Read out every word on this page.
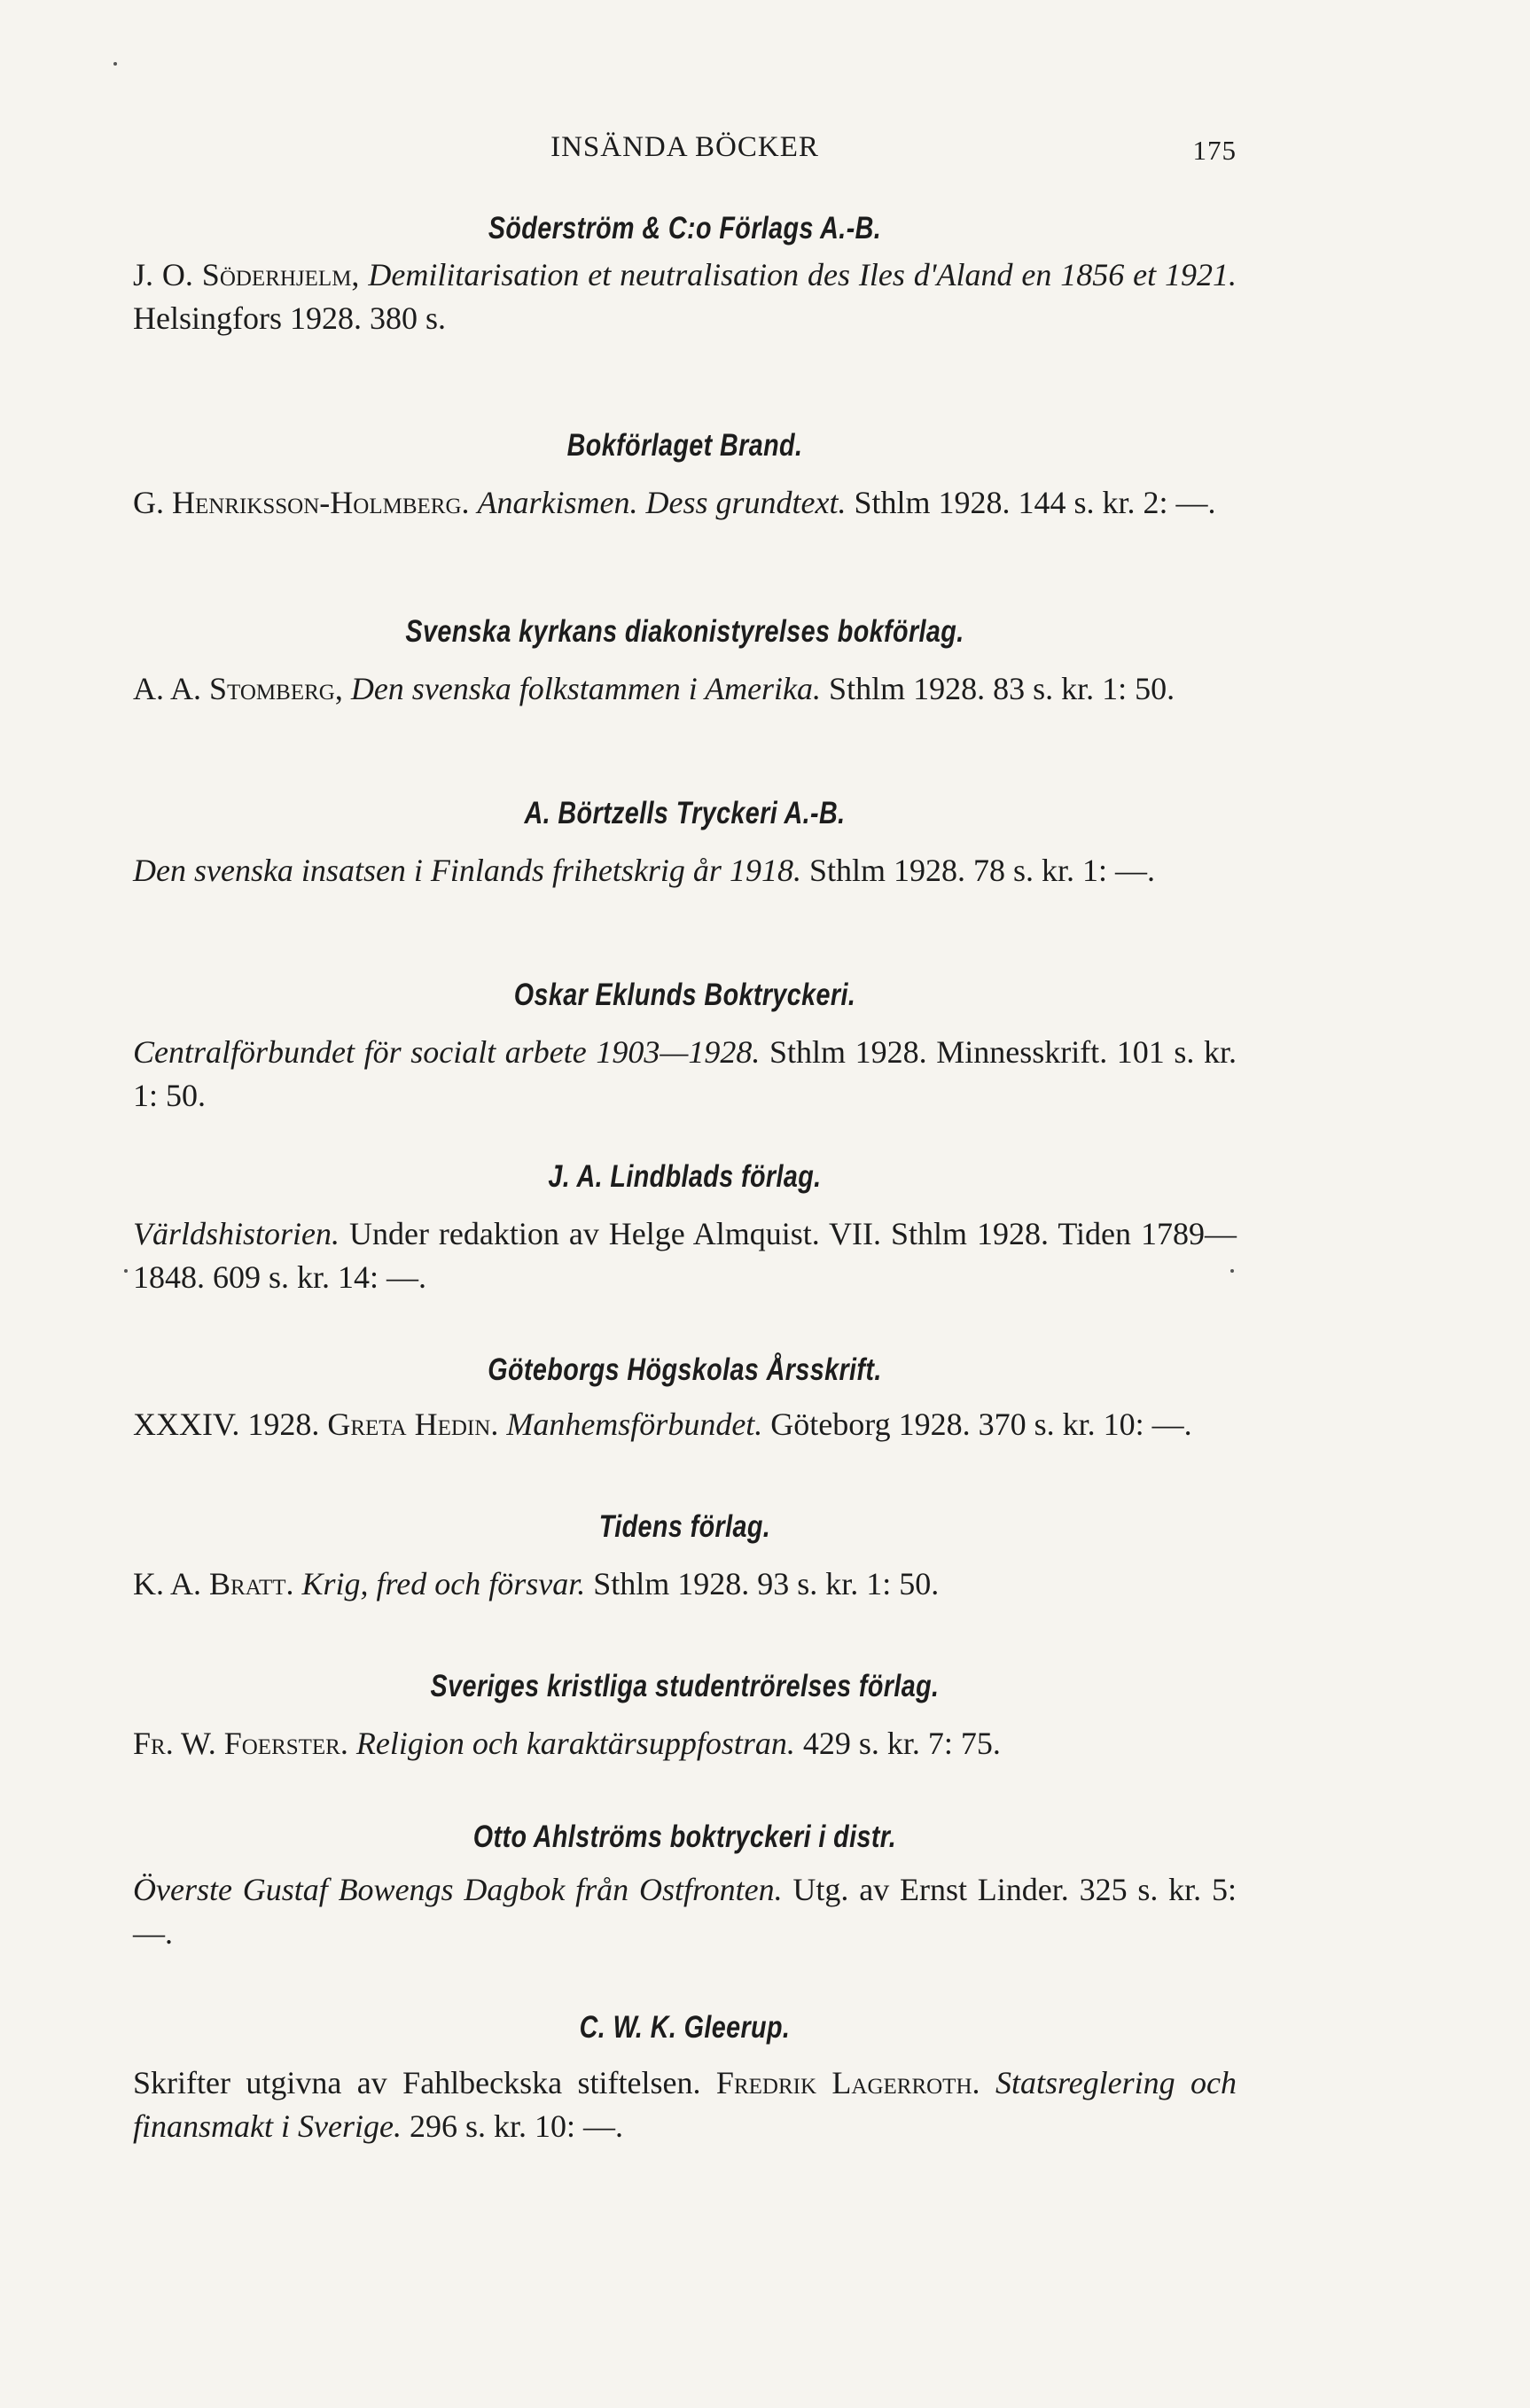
INSÄNDA BÖCKER	175
Söderström & C:o Förlags A.-B.
J. O. Söderhjelm, Demilitarisation et neutralisation des Iles d'Aland en 1856 et 1921. Helsingfors 1928. 380 s.
Bokförlaget Brand.
G. Henriksson-Holmberg. Anarkismen. Dess grundtext. Sthlm 1928. 144 s. kr. 2: —.
Svenska kyrkans diakonistyrelses bokförlag.
A. A. Stomberg, Den svenska folkstammen i Amerika. Sthlm 1928. 83 s. kr. 1: 50.
A. Börtzells Tryckeri A.-B.
Den svenska insatsen i Finlands frihetskrig år 1918. Sthlm 1928. 78 s. kr. 1: —.
Oskar Eklunds Boktryckeri.
Centralförbundet för socialt arbete 1903—1928. Sthlm 1928. Minnesskrift. 101 s. kr. 1: 50.
J. A. Lindblads förlag.
Världshistorien. Under redaktion av Helge Almquist. VII. Sthlm 1928. Tiden 1789—1848. 609 s. kr. 14: —.
Göteborgs Högskolas Årsskrift.
XXXIV. 1928. Greta Hedin. Manhemsförbundet. Göteborg 1928. 370 s. kr. 10: —.
Tidens förlag.
K. A. Bratt. Krig, fred och försvar. Sthlm 1928. 93 s. kr. 1: 50.
Sveriges kristliga studentrörelses förlag.
Fr. W. Foerster. Religion och karaktärsuppfostran. 429 s. kr. 7: 75.
Otto Ahlströms boktryckeri i distr.
Överste Gustaf Bowengs Dagbok från Ostfronten. Utg. av Ernst Linder. 325 s. kr. 5: —.
C. W. K. Gleerup.
Skrifter utgivna av Fahlbeckska stiftelsen. Fredrik Lagerroth. Statsreglering och finansmakt i Sverige. 296 s. kr. 10: —.
